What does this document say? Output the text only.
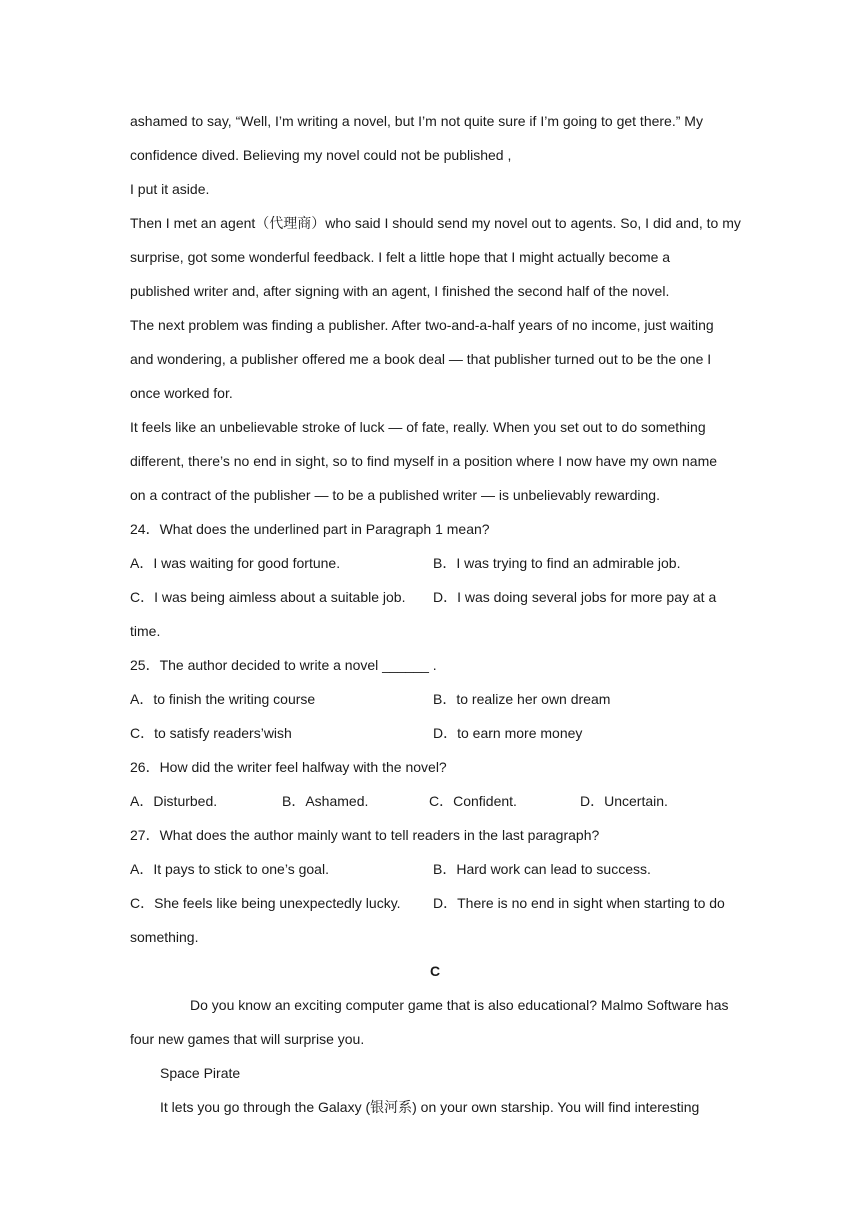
ashamed to say, “Well, I’m writing a novel, but I’m not quite sure if I’m going to get there.” My
confidence dived. Believing my novel could not be published ,
I put it aside.
Then I met an agent（代理商）who said I should send my novel out to agents. So, I did and, to my
surprise, got some wonderful feedback. I felt a little hope that I might actually become a
published writer and, after signing with an agent, I finished the second half of the novel.
The next problem was finding a publisher. After two-and-a-half years of no income, just waiting
and wondering, a publisher offered me a book deal — that publisher turned out to be the one I
once worked for.
It feels like an unbelievable stroke of luck — of fate, really. When you set out to do something
different, there’s no end in sight, so to find myself in a position where I now have my own name
on a contract of the publisher — to be a published writer — is unbelievably rewarding.
24．What does the underlined part in Paragraph 1 mean?
A．I was waiting for good fortune.	B．I was trying to find an admirable job.
C．I was being aimless about a suitable job. D．I was doing several jobs for more pay at a
time.
25．The author decided to write a novel ______ .
A．to finish the writing course	B．to realize her own dream
C．to satisfy readers’wish	D．to earn more money
26．How did the writer feel halfway with the novel?
A．Disturbed.	B．Ashamed.	C．Confident.	D．Uncertain.
27．What does the author mainly want to tell readers in the last paragraph?
A．It pays to stick to one’s goal.	B．Hard work can lead to success.
C．She feels like being unexpectedly lucky. D．There is no end in sight when starting to do
something.
C
Do you know an exciting computer game that is also educational? Malmo Software has
four new games that will surprise you.
Space Pirate
It lets you go through the Galaxy (银河系) on your own starship. You will find interesting
